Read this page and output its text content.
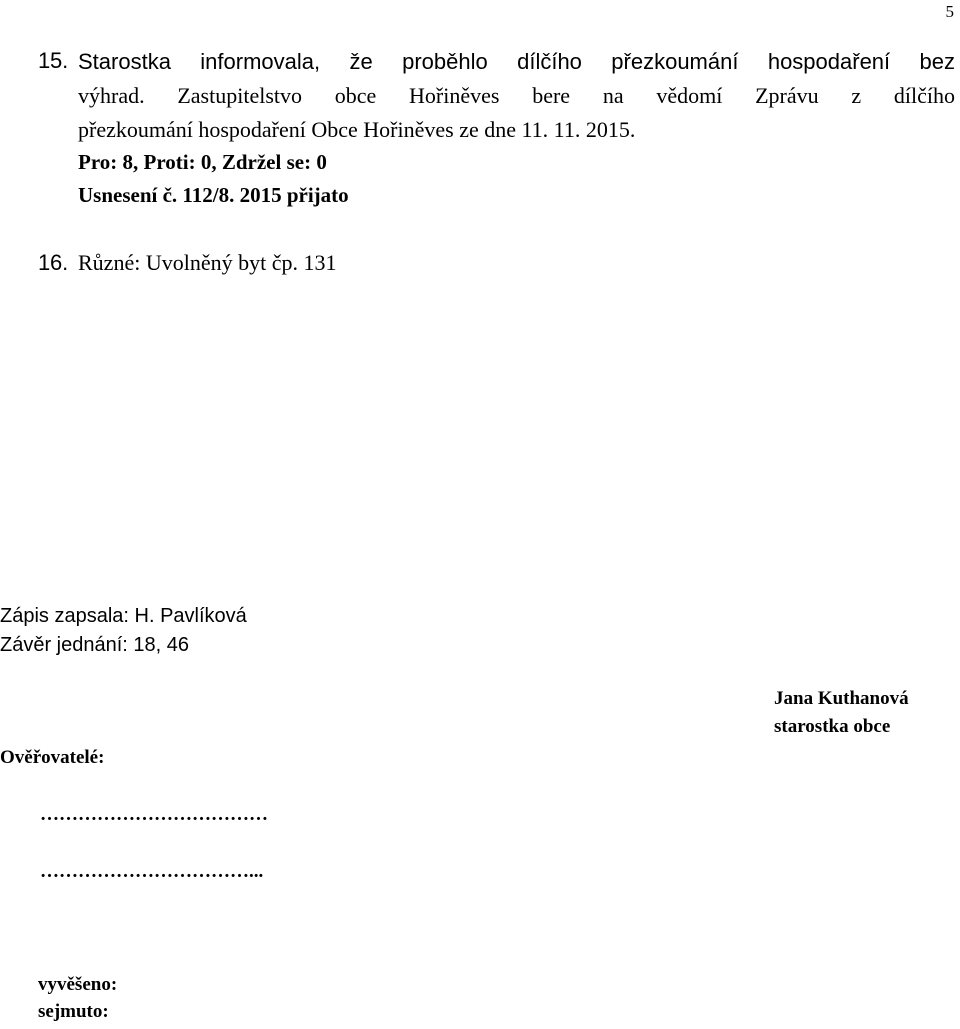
5
15. Starostka informovala, že proběhlo dílčího přezkoumání hospodaření bez
výhrad. Zastupitelstvo obce Hořiněves bere na vědomí Zprávu z dílčího
přezkoumání hospodaření Obce Hořiněves ze dne 11. 11. 2015.
Pro: 8, Proti: 0, Zdržel se: 0
Usnesení č. 112/8. 2015 přijato
16. Různé: Uvolněný byt čp. 131
Zápis zapsala: H. Pavlíková
Závěr jednání: 18, 46
Jana Kuthanová
starostka obce
Ověřovatelé:
………………………………
……………………………...
vyvěšeno:
sejmuto:
